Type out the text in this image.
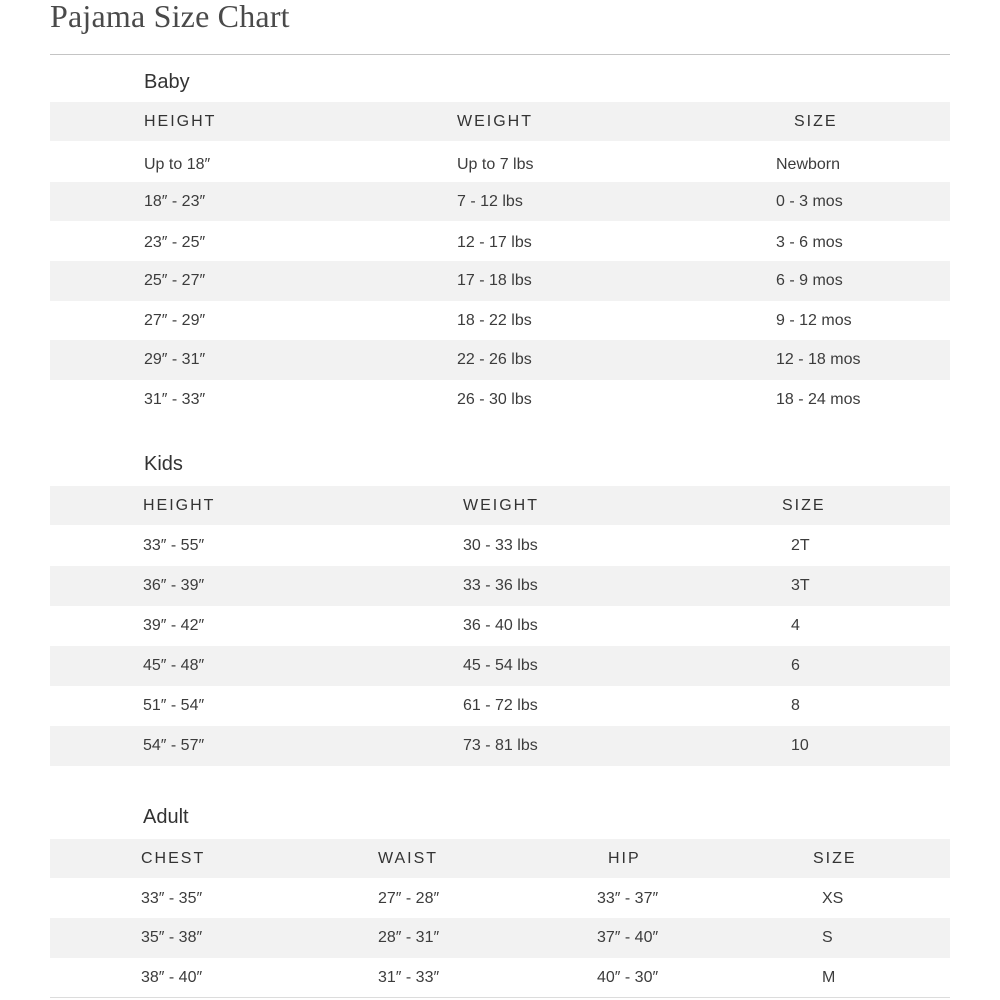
Pajama Size Chart
Baby
HEIGHT	WEIGHT	SIZE
Up to 18″	Up to 7 lbs	Newborn
18″ - 23″	7 - 12 lbs	0 - 3 mos
23″ - 25″	12 - 17 lbs	3 - 6 mos
25″ - 27″	17 - 18 lbs	6 - 9 mos
27″ - 29″	18 - 22 lbs	9 - 12 mos
29″ - 31″	22 - 26 lbs	12 - 18 mos
31″ - 33″	26 - 30 lbs	18 - 24 mos
Kids
HEIGHT	WEIGHT	SIZE
33″ - 55″	30 - 33 lbs	2T
36″ - 39″	33 - 36 lbs	3T
39″ - 42″	36 - 40 lbs	4
45″ - 48″	45 - 54 lbs	6
51″ - 54″	61 - 72 lbs	8
54″ - 57″	73 - 81 lbs	10
Adult
CHEST	WAIST	HIP	SIZE
33″ - 35″	27″ - 28″	33″ - 37″	XS
35″ - 38″	28″ - 31″	37″ - 40″	S
38″ - 40″	31″ - 33″	40″ - 30″	M
